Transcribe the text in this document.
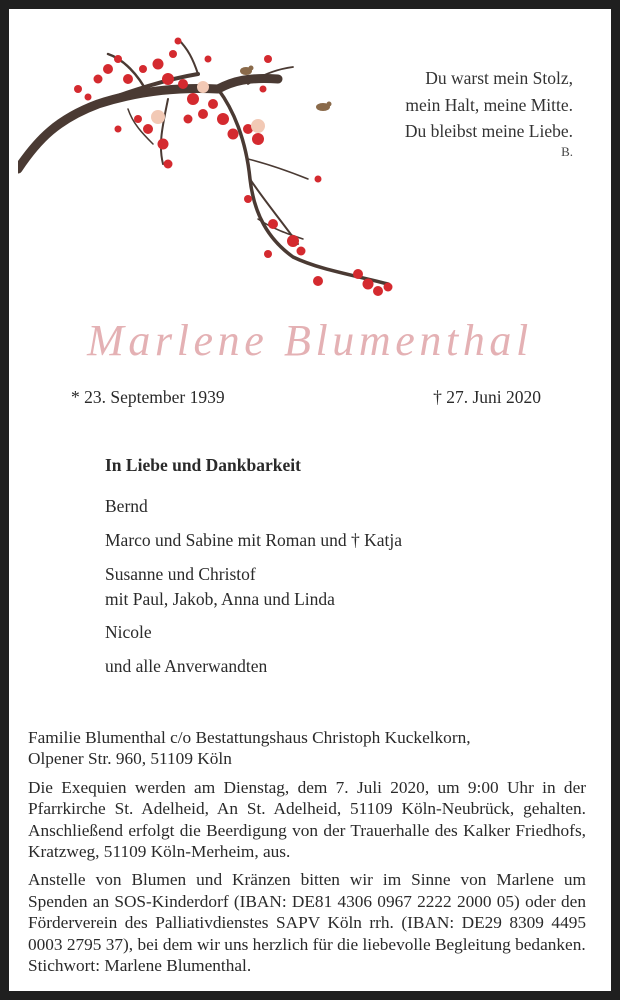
Du warst mein Stolz,
mein Halt, meine Mitte.
Du bleibst meine Liebe.
B.
Marlene Blumenthal
* 23. September 1939	† 27. Juni 2020
In Liebe und Dankbarkeit
Bernd
Marco und Sabine mit Roman und † Katja
Susanne und Christof
mit Paul, Jakob, Anna und Linda
Nicole
und alle Anverwandten

Familie Blumenthal c/o Bestattungshaus Christoph Kuckelkorn,
Olpener Str. 960, 51109 Köln

Die Exequien werden am Dienstag, dem 7. Juli 2020, um 9:00 Uhr in der Pfarrkirche St. Adelheid, An St. Adelheid, 51109 Köln-Neubrück, gehalten. Anschließend erfolgt die Beerdigung von der Trauerhalle des Kalker Friedhofs, Kratzweg, 51109 Köln-Merheim, aus.

Anstelle von Blumen und Kränzen bitten wir im Sinne von Marlene um Spenden an SOS-Kinderdorf (IBAN: DE81 4306 0967 2222 2000 05) oder den Förderverein des Palliativdienstes SAPV Köln rrh. (IBAN: DE29 8309 4495 0003 2795 37), bei dem wir uns herzlich für die liebevolle Begleitung bedanken.
Stichwort: Marlene Blumenthal.
